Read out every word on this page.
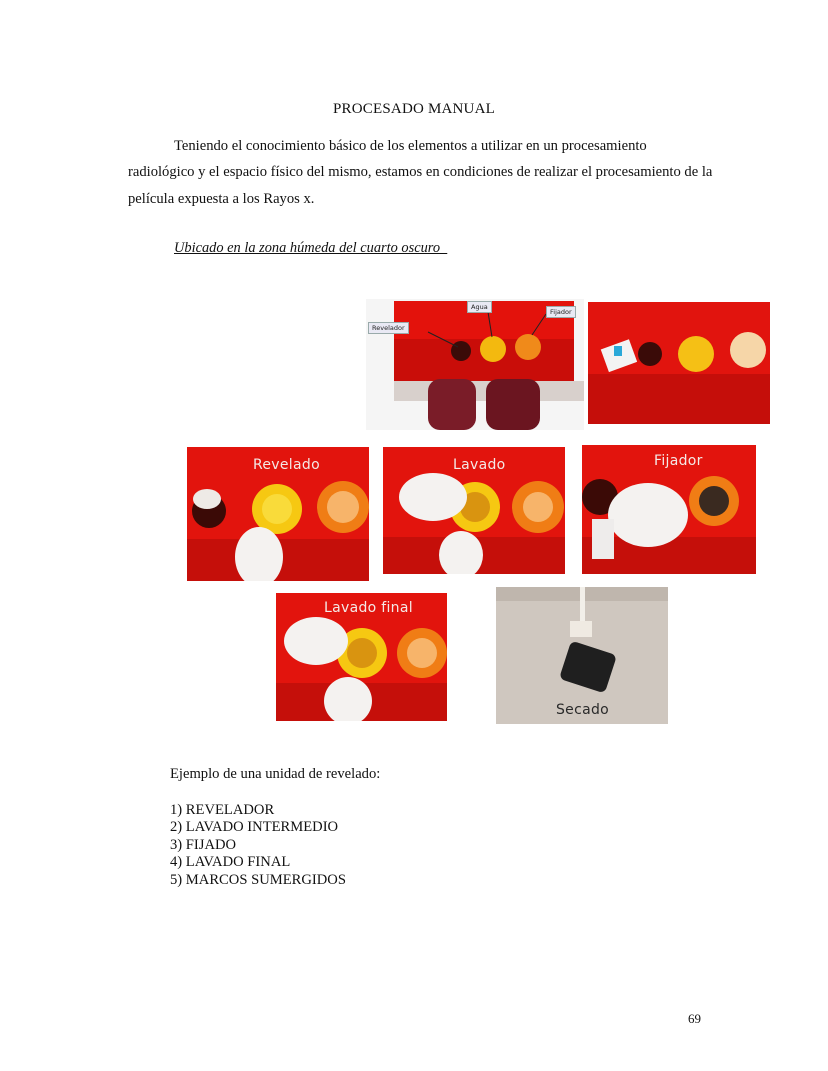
PROCESADO MANUAL
Teniendo el conocimiento básico de los elementos a utilizar en un procesamiento
radiológico y el espacio físico del mismo, estamos en condiciones de realizar el procesamiento de la
película expuesta a los Rayos x.
Ubicado en la zona húmeda del cuarto oscuro
Agua
Fijador
Revelador
Revelado	Lavado	Fijador
Lavado final
Secado
Ejemplo de una unidad de revelado:
1) REVELADOR
2) LAVADO INTERMEDIO
3) FIJADO
4) LAVADO FINAL
5) MARCOS SUMERGIDOS
69
